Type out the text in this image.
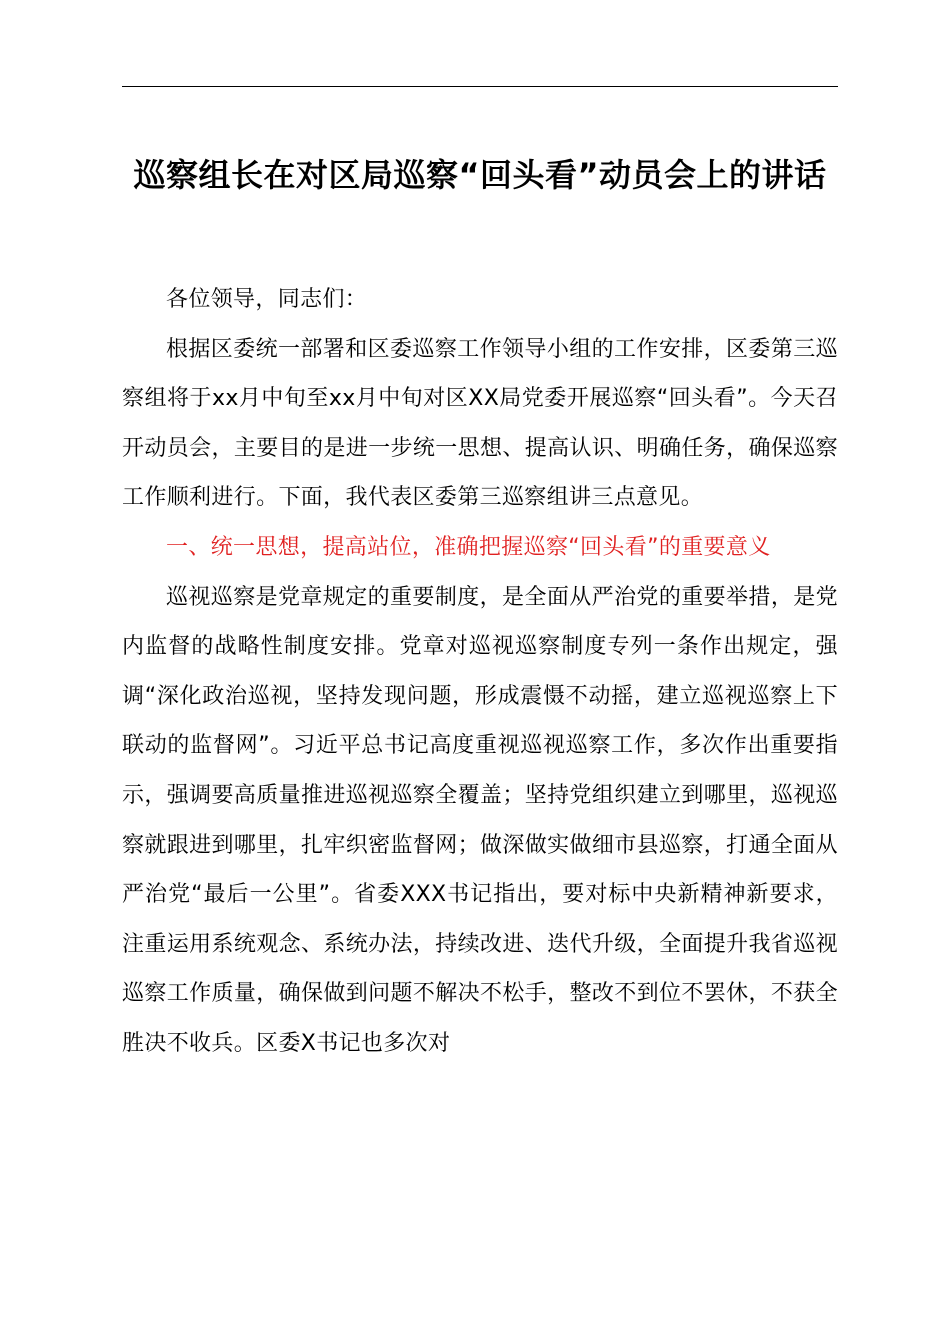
巡察组长在对区局巡察“回头看”动员会上的讲话

各位领导，同志们：

根据区委统一部署和区委巡察工作领导小组的工作安排，区委第三巡察组将于xx月中旬至xx月中旬对区XX局党委开展巡察“回头看”。今天召开动员会，主要目的是进一步统一思想、提高认识、明确任务，确保巡察工作顺利进行。下面，我代表区委第三巡察组讲三点意见。

一、统一思想，提高站位，准确把握巡察“回头看”的重要意义

巡视巡察是党章规定的重要制度，是全面从严治党的重要举措，是党内监督的战略性制度安排。党章对巡视巡察制度专列一条作出规定，强调“深化政治巡视，坚持发现问题，形成震慑不动摇，建立巡视巡察上下联动的监督网”。习近平总书记高度重视巡视巡察工作，多次作出重要指示，强调要高质量推进巡视巡察全覆盖；坚持党组织建立到哪里，巡视巡察就跟进到哪里，扎牢织密监督网；做深做实做细市县巡察，打通全面从严治党“最后一公里”。省委XXX书记指出，要对标中央新精神新要求，注重运用系统观念、系统办法，持续改进、迭代升级，全面提升我省巡视巡察工作质量，确保做到问题不解决不松手，整改不到位不罢休，不获全胜决不收兵。区委X书记也多次对
